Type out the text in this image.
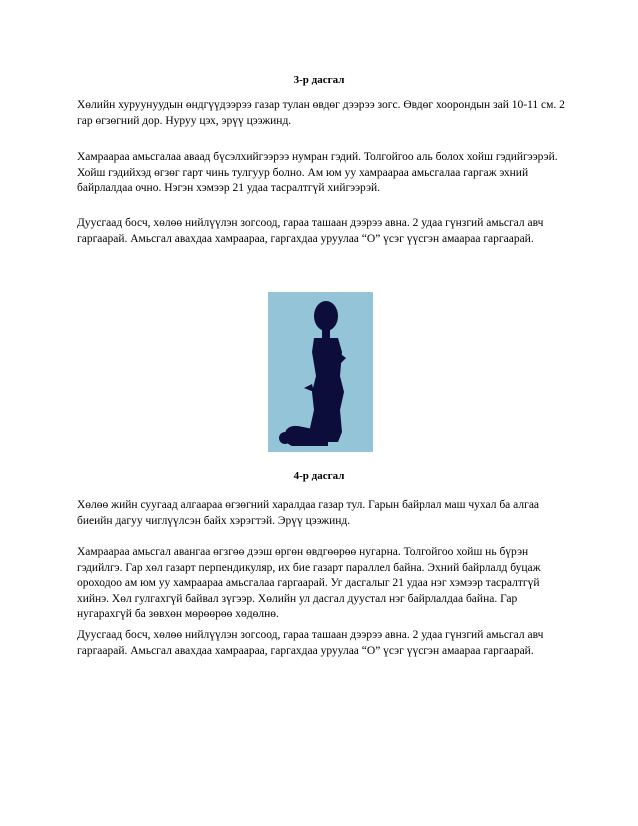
3-р дасгал

Хөлийн хуруунуудын өндгүүдээрээ газар тулан өвдөг дээрээ зогс. Өвдөг хоорондын зай 10-11 см. 2 гар өгзөгний дор. Нуруу цэх, эрүү цээжинд.

Хамраараа амьсгалаа аваад бүсэлхийгээрээ нумран гэдий. Толгойгоо аль болох хойш гэдийгээрэй. Хойш гэдийхэд өгзөг гарт чинь тулгуур болно. Ам юм уу хамраараа амьсгалаа гаргаж эхний байрлалдаа очно. Нэгэн хэмээр 21 удаа тасралтгүй хийгээрэй.

Дуусгаад босч, хөлөө нийлүүлэн зогсоод, гараа ташаан дээрээ авна. 2 удаа гүнзгий амьсгал авч гаргаарай. Амьсгал авахдаа хамраараа, гаргахдаа уруулаа “О” үсэг үүсгэн амаараа гаргаарай.

4-р дасгал

Хөлөө жийн суугаад алгаараа өгзөгний харалдаа газар тул. Гарын байрлал маш чухал ба алгаа биеийн дагуу чиглүүлсэн байх хэрэгтэй. Эрүү цээжинд.

Хамраараа амьсгал авангаа өгзгөө дээш өргөн өвдгөөрөө нугарна. Толгойгоо хойш нь бүрэн гэдийлгэ. Гар хөл газарт перпендикуляр, их бие газарт параллел байна. Эхний байрлалд буцаж ороходоо ам юм уу хамраараа амьсгалаа гаргаарай. Уг дасгалыг 21 удаа нэг хэмээр тасралтгүй хийнэ. Хөл гулгахгүй байвал зүгээр. Хөлийн ул дасгал дуустал нэг байрлалдаа байна. Гар нугарахгүй ба зөвхөн мөрөөрөө хөдөлнө.

Дуусгаад босч, хөлөө нийлүүлэн зогсоод, гараа ташаан дээрээ авна. 2 удаа гүнзгий амьсгал авч гаргаарай. Амьсгал авахдаа хамраараа, гаргахдаа уруулаа “О” үсэг үүсгэн амаараа гаргаарай.
